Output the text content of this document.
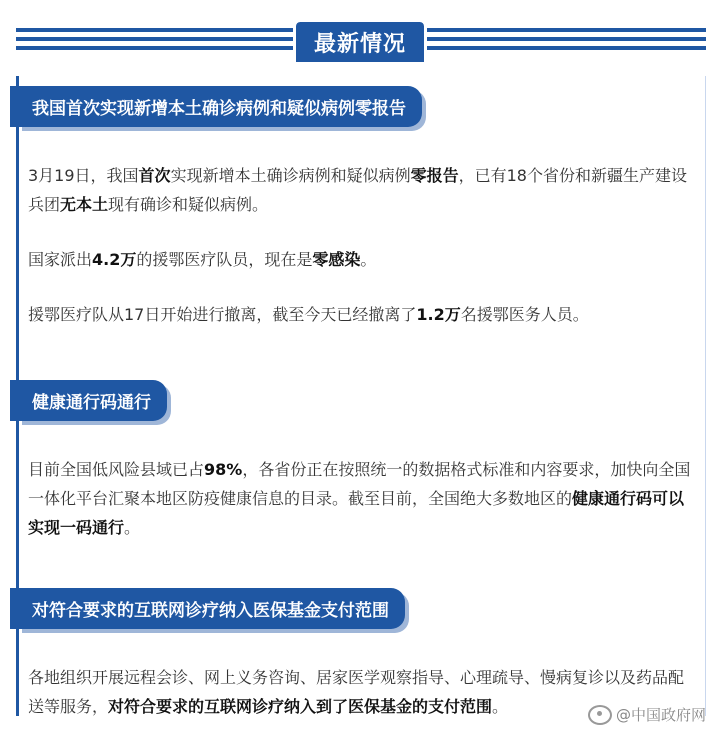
最新情况
我国首次实现新增本土确诊病例和疑似病例零报告

3月19日，我国首次实现新增本土确诊病例和疑似病例零报告，已有18个省份和新疆生产建设兵团无本土现有确诊和疑似病例。

国家派出4.2万的援鄂医疗队员，现在是零感染。

援鄂医疗队从17日开始进行撤离，截至今天已经撤离了1.2万名援鄂医务人员。

健康通行码通行

目前全国低风险县域已占98%，各省份正在按照统一的数据格式标准和内容要求，加快向全国一体化平台汇聚本地区防疫健康信息的目录。截至目前，全国绝大多数地区的健康通行码可以实现一码通行。

对符合要求的互联网诊疗纳入医保基金支付范围

各地组织开展远程会诊、网上义务咨询、居家医学观察指导、心理疏导、慢病复诊以及药品配送等服务，对符合要求的互联网诊疗纳入到了医保基金的支付范围。	@中国政府网
